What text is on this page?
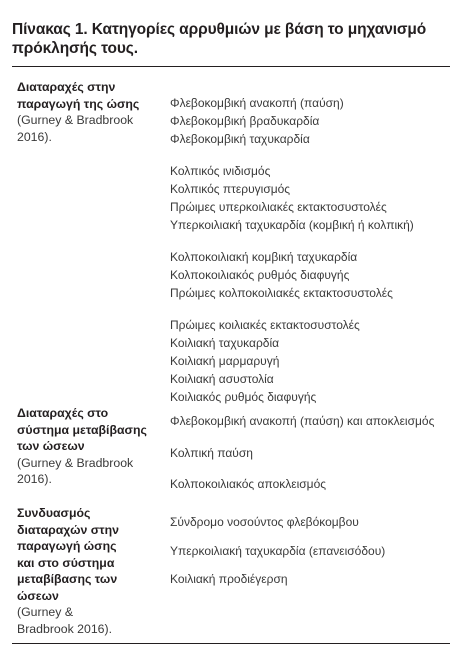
Πίνακας 1. Κατηγορίες αρρυθμιών με βάση το μηχανισμό πρόκλησής τους.
Διαταραχές στην παραγωγή της ώσης
(Gurney & Bradbrook 2016).
Φλεβοκομβική ανακοπή (παύση)
Φλεβοκομβική βραδυκαρδία
Φλεβοκομβική ταχυκαρδία
Κολπικός ινιδισμός
Κολπικός πτερυγισμός
Πρώιμες υπερκοιλιακές εκτακτοσυστολές
Υπερκοιλιακή ταχυκαρδία (κομβική ή κολπική)
Κολποκοιλιακή κομβική ταχυκαρδία
Κολποκοιλιακός ρυθμός διαφυγής
Πρώιμες κολποκοιλιακές εκτακτοσυστολές
Πρώιμες κοιλιακές εκτακτοσυστολές
Κοιλιακή ταχυκαρδία
Κοιλιακή μαρμαρυγή
Κοιλιακή ασυστολία
Κοιλιακός ρυθμός διαφυγής
Διαταραχές στο σύστημα μεταβίβασης των ώσεων
(Gurney & Bradbrook 2016).
Φλεβοκομβική ανακοπή (παύση) και αποκλεισμός
Κολπική παύση
Κολποκοιλιακός αποκλεισμός
Συνδυασμός διαταραχών στην παραγωγή ώσης και στο σύστημα μεταβίβασης των ώσεων
(Gurney & Bradbrook 2016).
Σύνδρομο νοσούντος φλεβόκομβου
Υπερκοιλιακή ταχυκαρδία (επανεισόδου)
Κοιλιακή προδιέγερση
